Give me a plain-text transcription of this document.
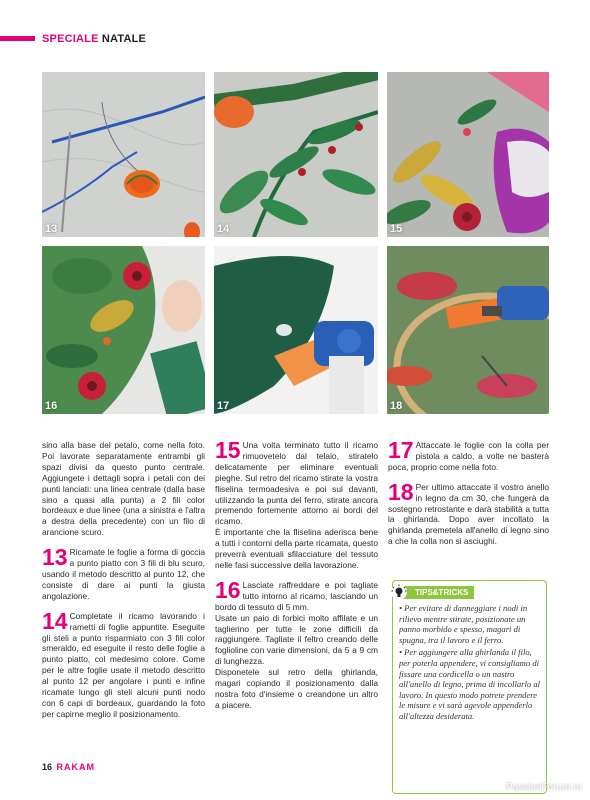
SPECIALE NATALE
13	14	15
16	17	18

sino alla base del petalo, come nella foto. Poi lavorate separatamente entrambi gli spazi divisi da questo punto centrale. Aggiungete i dettagli sopra i petali con dei punti lanciati: una linea centrale (dalla base sino a quasi alla punta) a 2 fili color bordeaux e due linee (una a sinistra e l'altra a destra della precedente) con un filo di arancione scuro.

13 Ricamate le foglie a forma di goccia a punto piatto con 3 fili di blu scuro, usando il metodo descritto al punto 12, che consiste di dare ai punti la giusta angolazione.
14 Completate il ricamo lavorando i rametti di foglie appuntite. Eseguite gli steli a punto risparmiato con 3 fili color smeraldo, ed eseguite il resto delle foglie a punto piatto, col medesimo colore. Come per le altre foglie usate il metodo descritto al punto 12 per angolare i punti e infine ricamate lungo gli steli alcuni punti nodo con 6 capi di bordeaux, guardando la foto per capirne meglio il posizionamento.
15 Una volta terminato tutto il ricamo rimuovetelo dal telaio, stiratelo delicatamente per eliminare eventuali pieghe. Sul retro del ricamo stirate la vostra fliselina termoadesiva e poi sul davanti, utilizzando la punta del ferro, stirate ancora premendo fortemente attorno ai bordi del ricamo.

È importante che la fliselina aderisca bene a tutti i contorni della parte ricamata, questo preverrà eventuali sfilacciature del tessuto nelle fasi successive della lavorazione.

16 Lasciate raffreddare e poi tagliate tutto intorno al ricamo, lasciando un bordo di tessuto di 5 mm.

Usate un paio di forbici molto affilate e un taglierino per tutte le zone difficili da raggiungere. Tagliate il feltro creando delle foglioline con varie dimensioni, da 5 a 9 cm di lunghezza.

Disponetele sul retro della ghirlanda, magari copiando il posizionamento dalla nostra foto d'insieme o creandone un altro a piacere.

17 Attaccate le foglie con la colla per pistola a caldo, a volte ne basterà poca, proprio come nella foto.
18 Per ultimo attaccate il vostro anello in legno da cm 30, che fungerà da sostegno retrostante e darà stabilità a tutta la ghirlanda. Dopo aver incollato la ghirlanda premetela all'anello di legno sino a che la colla non si asciughi.
TIPS&TRICKS

• Per evitare di danneggiare i nodi in rilievo mentre stirate, posizionate un panno morbido e spesso, magari di spugna, tra il lavoro e il ferro.

• Per aggiungere alla ghirlanda il filo, per poterla appendere, vi consigliamo di fissare una cordicella o un nastro all'anello di legno, prima di incollarlo al lavoro. In questo modo potrete prendere le misure e vi sarà agevole appenderlo all'altezza desiderata.

16 RAKAM
PassionForum.ru
